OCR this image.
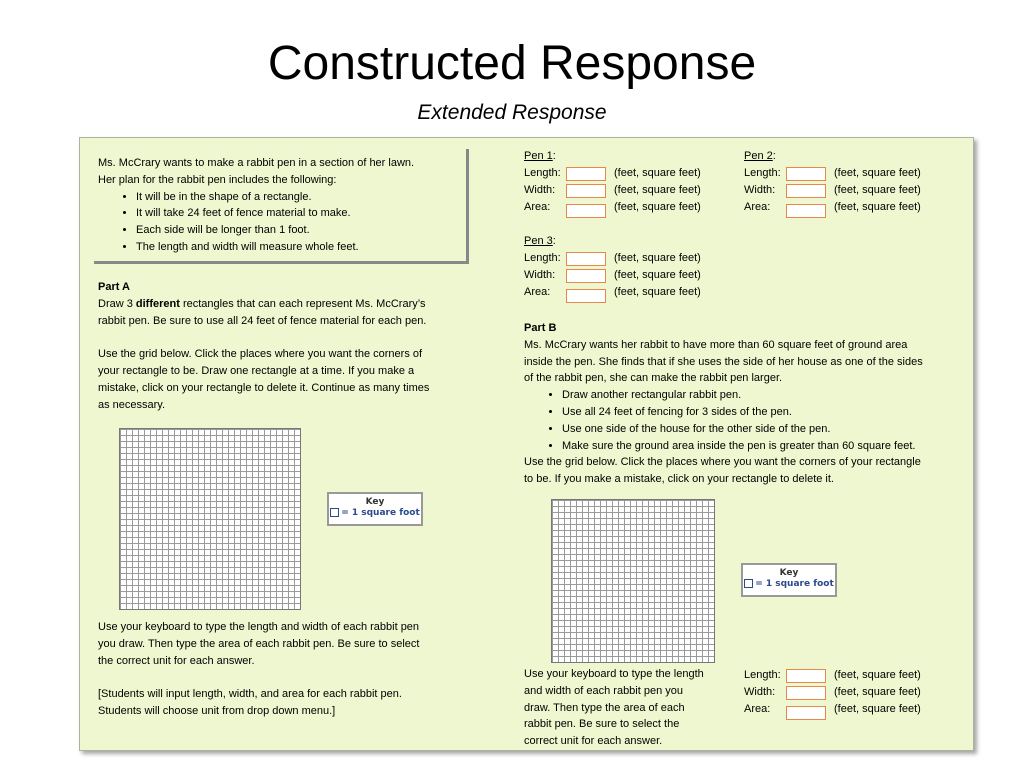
Constructed Response
Extended Response
Ms. McCrary wants to make a rabbit pen in a section of her lawn.
Her plan for the rabbit pen includes the following:
• It will be in the shape of a rectangle.
• It will take 24 feet of fence material to make.
• Each side will be longer than 1 foot.
• The length and width will measure whole feet.
Part A
Draw 3 different rectangles that can each represent Ms. McCrary’s
rabbit pen. Be sure to use all 24 feet of fence material for each pen.
Use the grid below. Click the places where you want the corners of
your rectangle to be. Draw one rectangle at a time. If you make a
mistake, click on your rectangle to delete it. Continue as many times
as necessary.
Key
= 1 square foot
Use your keyboard to type the length and width of each rabbit pen
you draw. Then type the area of each rabbit pen. Be sure to select
the correct unit for each answer.
[Students will input length, width, and area for each rabbit pen.
Students will choose unit from drop down menu.]
Pen 1:
Length:	(feet, square feet)
Width:	(feet, square feet)
Area:	(feet, square feet)
Pen 2:
Length:	(feet, square feet)
Width:	(feet, square feet)
Area:	(feet, square feet)
Pen 3:
Length:	(feet, square feet)
Width:	(feet, square feet)
Area:	(feet, square feet)
Part B
Ms. McCrary wants her rabbit to have more than 60 square feet of ground area
inside the pen. She finds that if she uses the side of her house as one of the sides
of the rabbit pen, she can make the rabbit pen larger.
• Draw another rectangular rabbit pen.
• Use all 24 feet of fencing for 3 sides of the pen.
• Use one side of the house for the other side of the pen.
• Make sure the ground area inside the pen is greater than 60 square feet.
Use the grid below. Click the places where you want the corners of your rectangle
to be. If you make a mistake, click on your rectangle to delete it.
Key
= 1 square foot
Use your keyboard to type the length
and width of each rabbit pen you
draw. Then type the area of each
rabbit pen. Be sure to select the
correct unit for each answer.
Length:	(feet, square feet)
Width:	(feet, square feet)
Area:	(feet, square feet)
